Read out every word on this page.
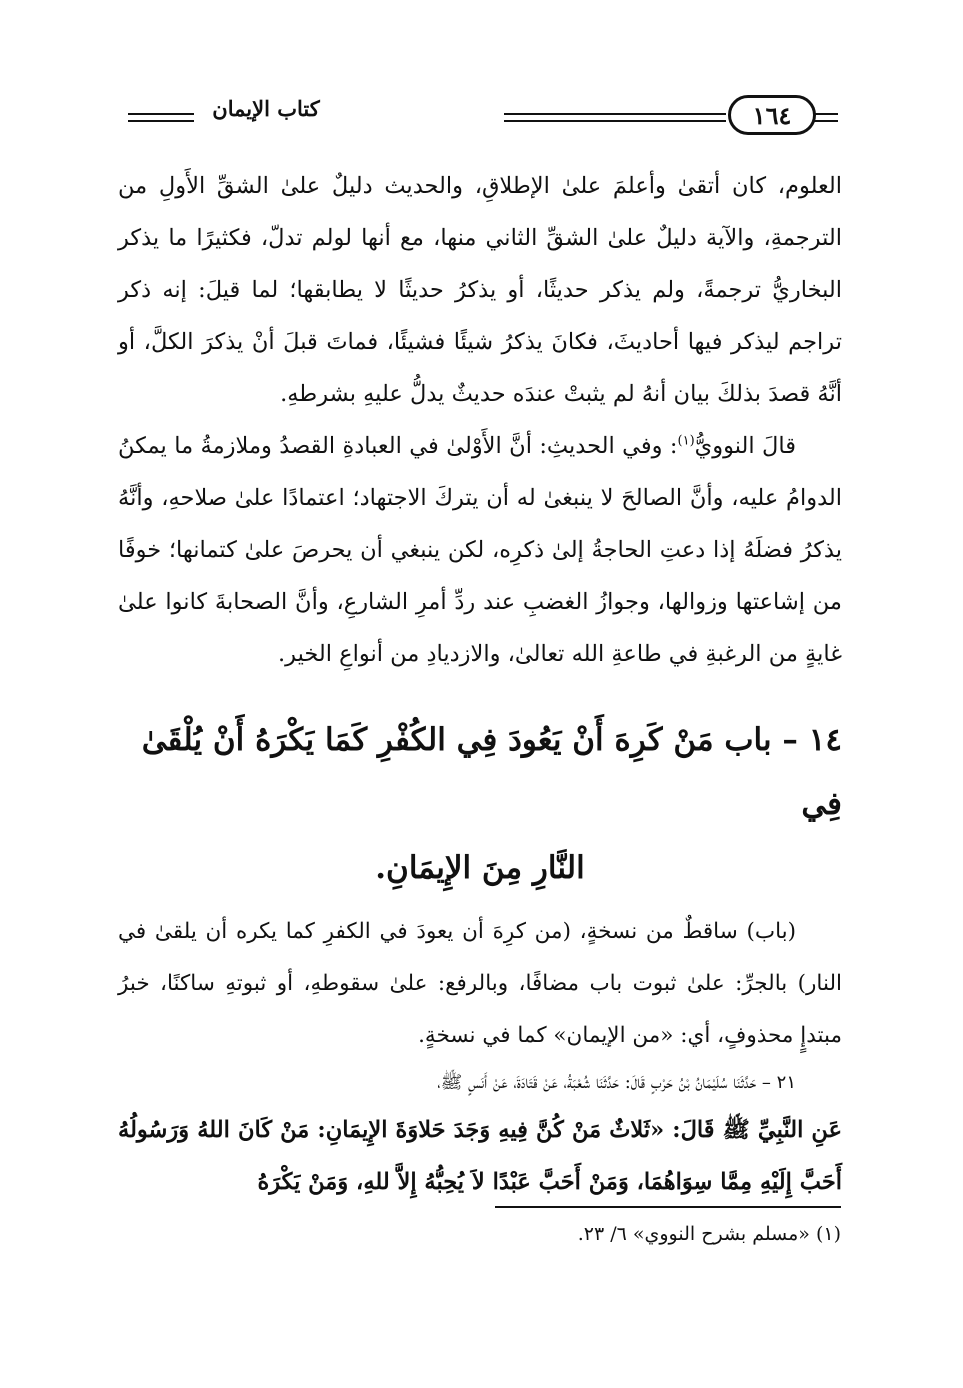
١٦٤
كتاب الإيمان

العلوم، كان أتقىٰ وأعلمَ علىٰ الإطلاقِ، والحديث دليلٌ علىٰ الشقِّ الأَولِ من الترجمةِ، والآية دليلٌ علىٰ الشقِّ الثاني منها، مع أنها لولم تدلّ، فكثيرًا ما يذكر البخاريُّ ترجمةً، ولم يذكر حديثًا، أو يذكرُ حديثًا لا يطابقها؛ لما قيلَ: إنه ذكر تراجم ليذكر فيها أحاديثَ، فكانَ يذكرُ شيئًا فشيئًا، فماتَ قبلَ أنْ يذكرَ الكلَّ، أو أنَّهُ قصدَ بذلكَ بيان أنهُ لم يثبتْ عندَه حديثٌ يدلُّ عليهِ بشرطهِ.

قالَ النوويُّ$^{(١)}$: وفي الحديثِ: أنَّ الأَوْلىٰ في العبادةِ القصدُ وملازمةُ ما يمكنُ الدوامُ عليه، وأنَّ الصالحَ لا ينبغىٰ له أن يتركَ الاجتهاد؛ اعتمادًا علىٰ صلاحهِ، وأنَّهُ يذكرُ فضلَهُ إذا دعتِ الحاجةُ إلىٰ ذكرِه، لكن ينبغي أن يحرصَ علىٰ كتمانها؛ خوفًا من إشاعتها وزوالها، وجوازُ الغضبِ عند ردِّ أمرِ الشارعِ، وأنَّ الصحابةَ كانوا علىٰ غايةٍ من الرغبةِ في طاعةِ الله تعالىٰ، والازديادِ من أنواعِ الخير.

١٤ – باب مَنْ كَرِهَ أَنْ يَعُودَ فِي الكُفْرِ كَمَا يَكْرَهُ أَنْ يُلْقَىٰ فِي
النَّارِ مِنَ الإِيمَانِ.

(باب) ساقطٌ من نسخةٍ، (من كرِهَ أن يعودَ في الكفرِ كما يكره أن يلقىٰ في النار) بالجرِّ: علىٰ ثبوت باب مضافًا، وبالرفع: علىٰ سقوطهِ، أو ثبوتهِ ساكنًا، خبرُ مبتدإٍ محذوفٍ، أي: «من الإيمان» كما في نسخةٍ.

٢١ – حَدَّثَنَا سُلَيْمَانُ بْنُ حَرْبٍ قَالَ: حَدَّثَنَا شُعْبَةُ، عَنْ قَتَادَةَ، عَنْ أَنَسٍ ﷺ،

عَنِ النَّبِيِّ ﷺ قَالَ: «ثَلاثٌ مَنْ كُنَّ فِيهِ وَجَدَ حَلاوَةَ الإِيمَانِ: مَنْ كَانَ اللهُ وَرَسُولُهُ أَحَبَّ إِلَيْهِ مِمَّا سِوَاهُمَا، وَمَنْ أَحَبَّ عَبْدًا لاَ يُحِبُّهُ إِلاَّ للهِ، وَمَنْ يَكْرَهُ

(١) «مسلم بشرح النووي» ٦/ ٢٣.
